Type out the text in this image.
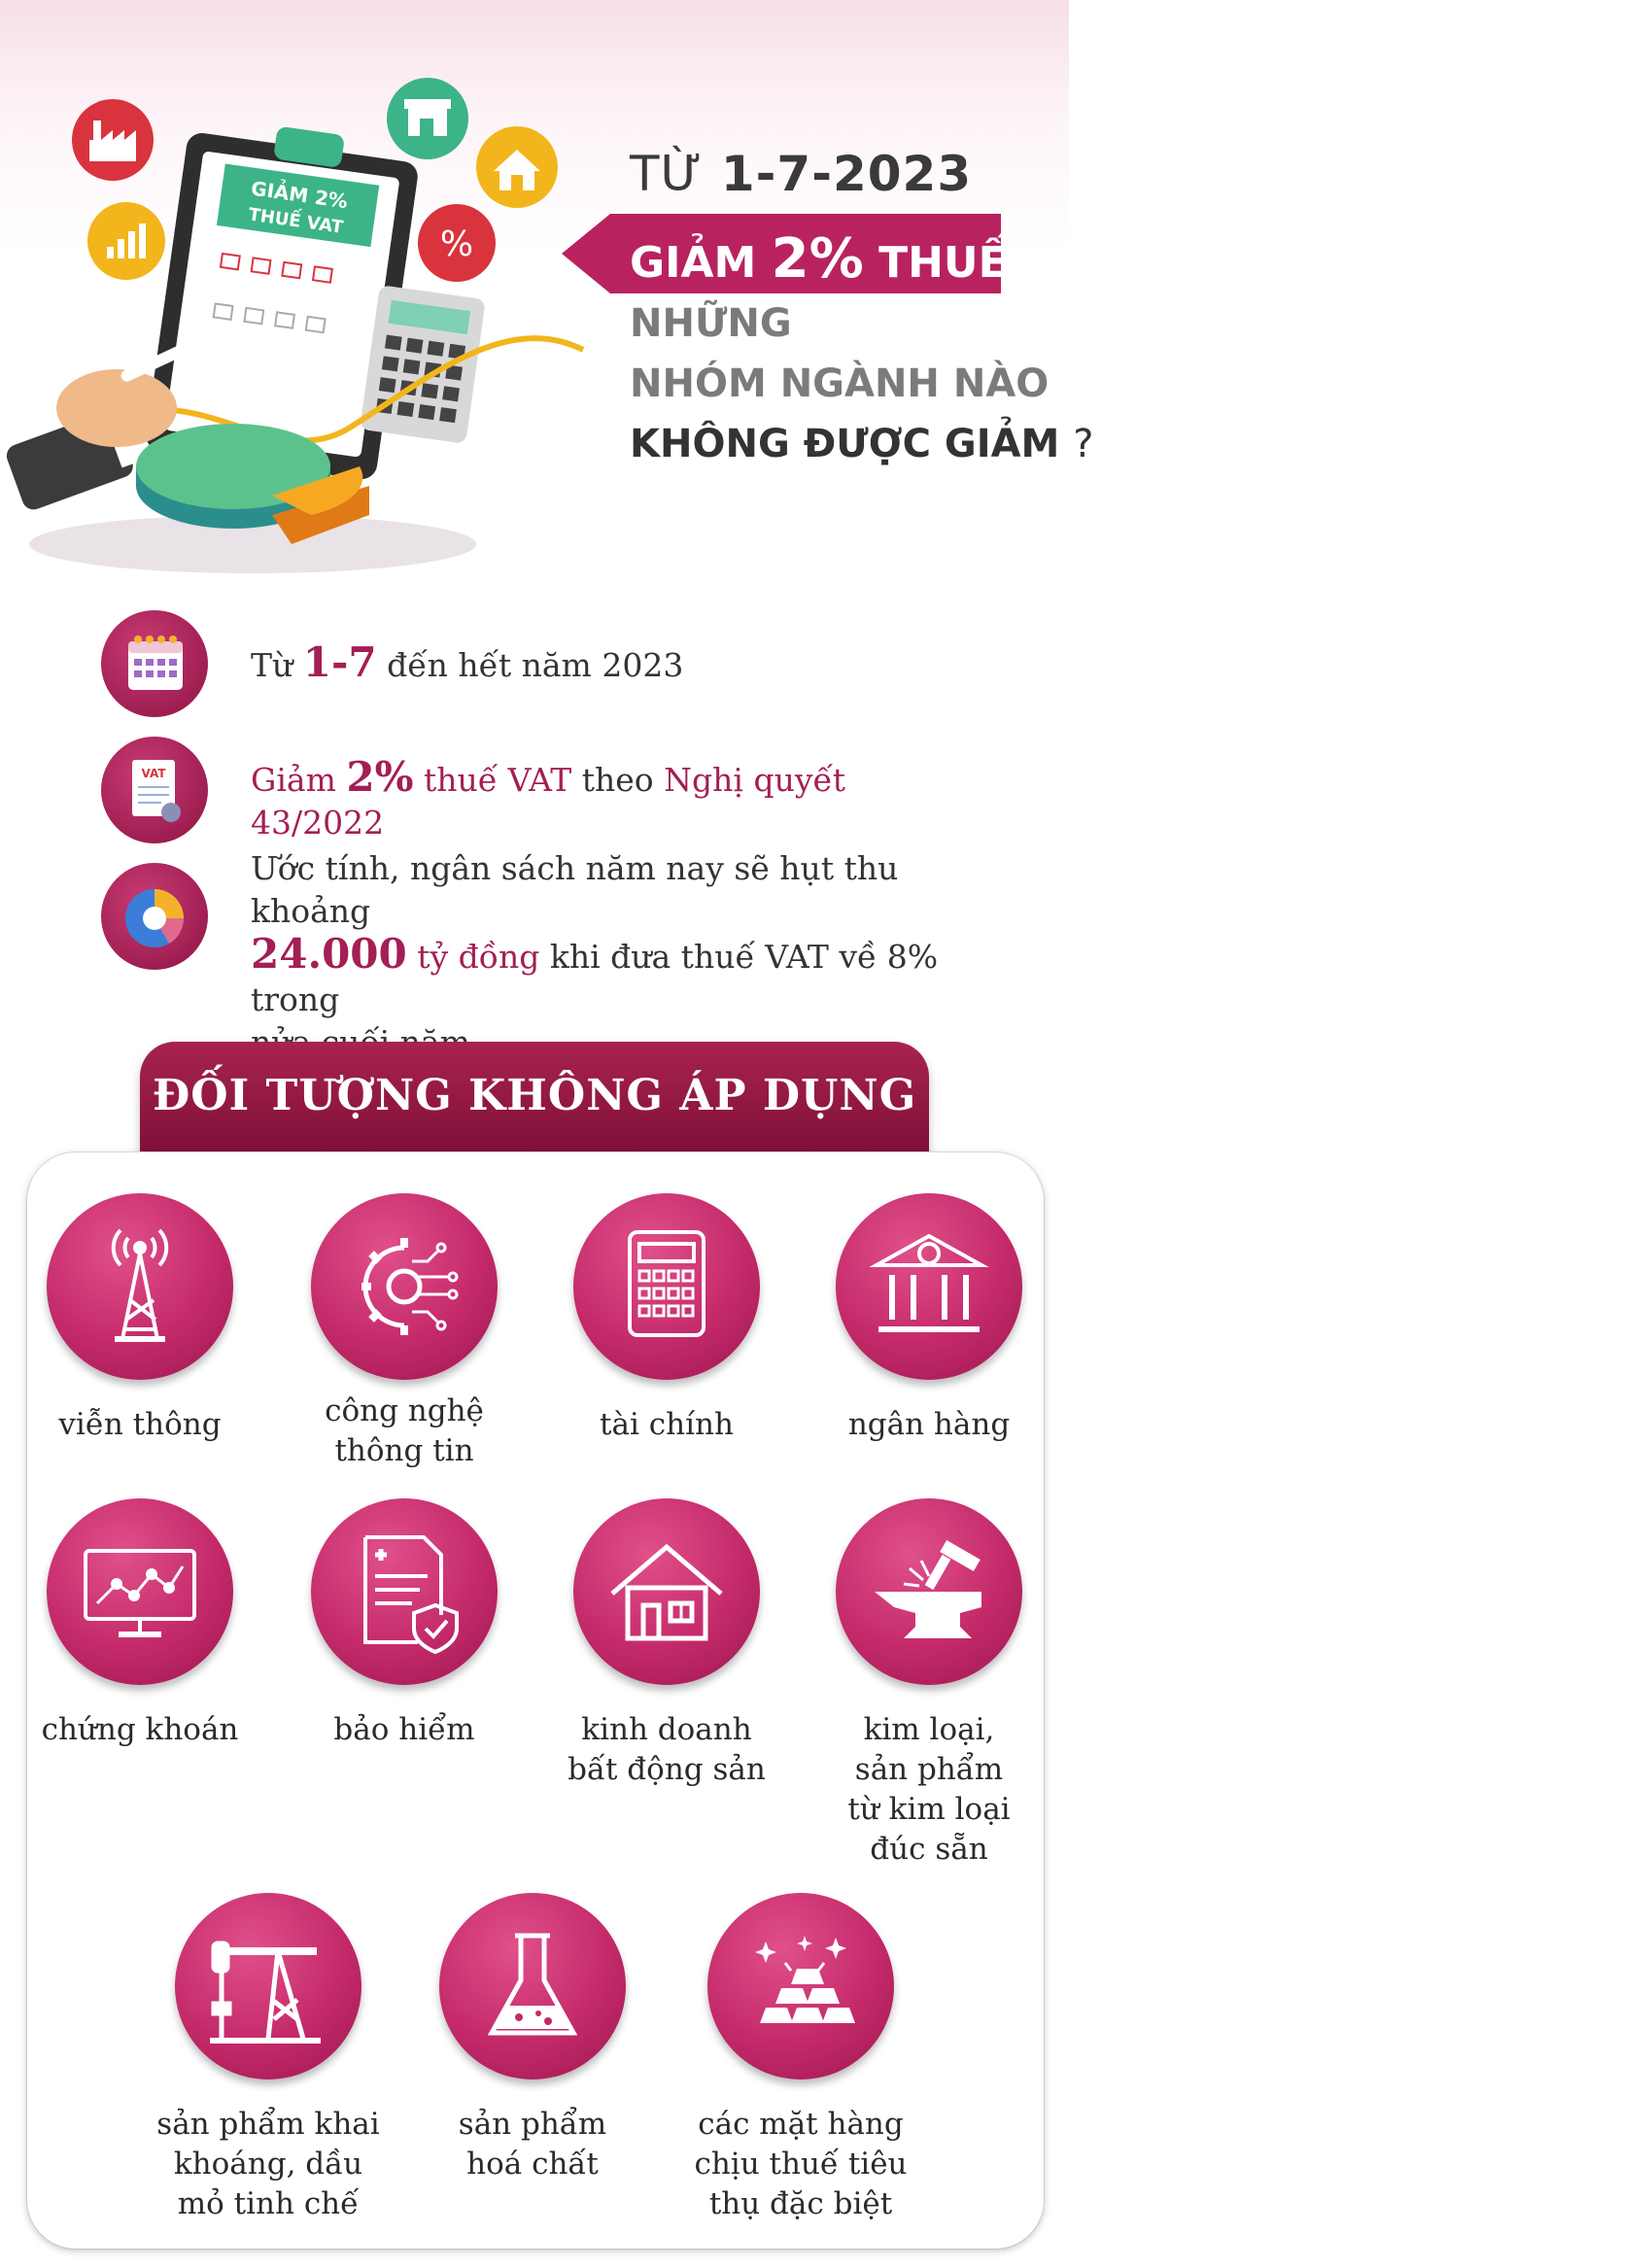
%
GIẢM 2%
THUẾ VAT
TỪ 1-7-2023
GIẢM 2% THUẾ VAT,
NHỮNG
NHÓM NGÀNH NÀO
KHÔNG ĐƯỢC GIẢM ?
Từ 1-7 đến hết năm 2023
VAT	Giảm 2% thuế VAT theo Nghị quyết 43/2022
Ước tính, ngân sách năm nay sẽ hụt thu khoảng
24.000 tỷ đồng khi đưa thuế VAT về 8% trong
ĐỐI TƯỢNG KHÔNG ÁP DỤNG
viễn thông	công nghệ
thông tin
tài chính	ngân hàng
chứng khoán	bảo hiểm	kinh doanh
bất động sản
kim loại,
sản phẩm
từ kim loại
đúc sẵn
sản phẩm khai
khoáng, dầu
mỏ tinh chế
sản phẩm
hoá chất
các mặt hàng
chịu thuế tiêu
thụ đặc biệt
